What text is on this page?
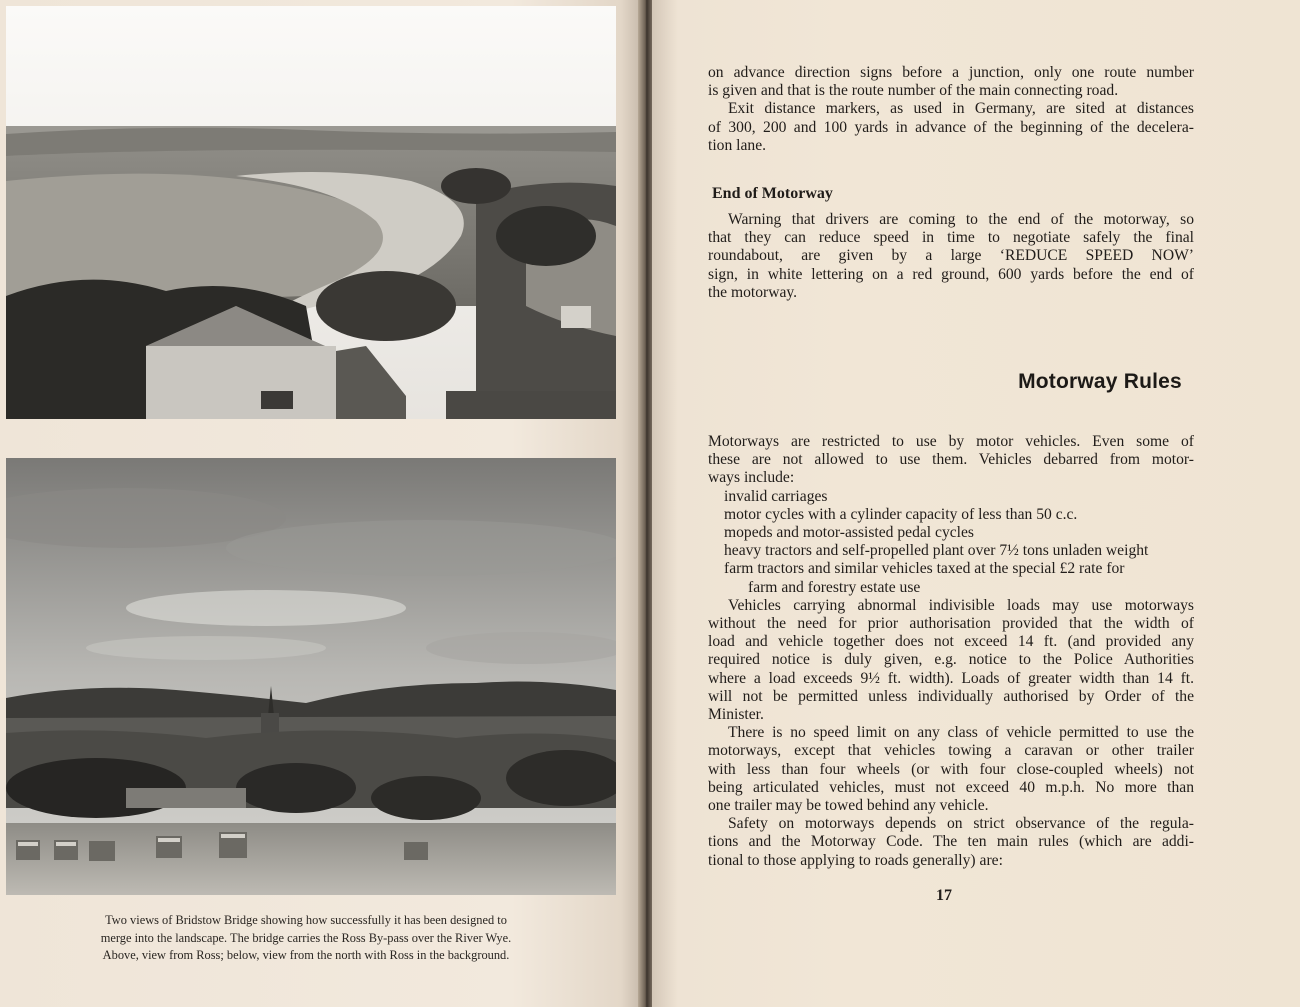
Two views of Bridstow Bridge showing how successfully it has been designed to
merge into the landscape. The bridge carries the Ross By-pass over the River Wye.
Above, view from Ross; below, view from the north with Ross in the background.
on advance direction signs before a junction, only one route number
is given and that is the route number of the main connecting road.
Exit distance markers, as used in Germany, are sited at distances
of 300, 200 and 100 yards in advance of the beginning of the decelera-
tion lane.
End of Motorway
Warning that drivers are coming to the end of the motorway, so
that they can reduce speed in time to negotiate safely the final
roundabout, are given by a large ‘REDUCE SPEED NOW’
sign, in white lettering on a red ground, 600 yards before the end of
the motorway.
Motorway Rules
Motorways are restricted to use by motor vehicles. Even some of
these are not allowed to use them. Vehicles debarred from motor-
ways include:
invalid carriages
motor cycles with a cylinder capacity of less than 50 c.c.
mopeds and motor-assisted pedal cycles
heavy tractors and self-propelled plant over 7½ tons unladen weight
farm tractors and similar vehicles taxed at the special £2 rate for
farm and forestry estate use
Vehicles carrying abnormal indivisible loads may use motorways
without the need for prior authorisation provided that the width of
load and vehicle together does not exceed 14 ft. (and provided any
required notice is duly given, e.g. notice to the Police Authorities
where a load exceeds 9½ ft. width). Loads of greater width than 14 ft.
will not be permitted unless individually authorised by Order of the
Minister.
There is no speed limit on any class of vehicle permitted to use the
motorways, except that vehicles towing a caravan or other trailer
with less than four wheels (or with four close-coupled wheels) not
being articulated vehicles, must not exceed 40 m.p.h. No more than
one trailer may be towed behind any vehicle.
Safety on motorways depends on strict observance of the regula-
tions and the Motorway Code. The ten main rules (which are addi-
tional to those applying to roads generally) are:
17
